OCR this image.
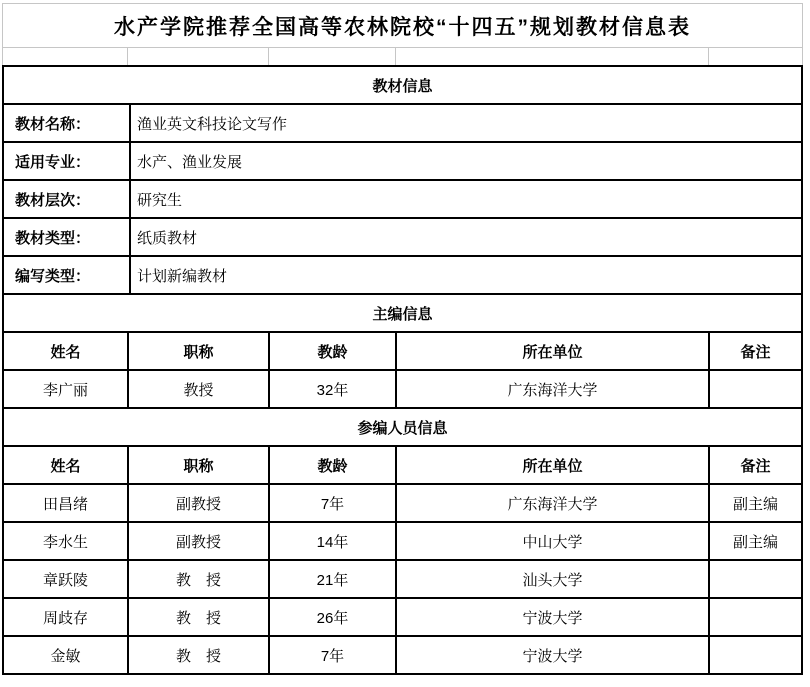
水产学院推荐全国高等农林院校“十四五”规划教材信息表
教材信息
教材名称：	渔业英文科技论文写作
适用专业：	水产、渔业发展
教材层次：	研究生
教材类型：	纸质教材
编写类型：	计划新编教材
主编信息
姓名	职称	教龄	所在单位	备注
李广丽	教授	32年	广东海洋大学
参编人员信息
姓名	职称	教龄	所在单位	备注
田昌绪	副教授	7年	广东海洋大学	副主编
李水生	副教授	14年	中山大学	副主编
章跃陵	教　授	21年	汕头大学
周歧存	教　授	26年	宁波大学
金敏	教　授	7年	宁波大学
